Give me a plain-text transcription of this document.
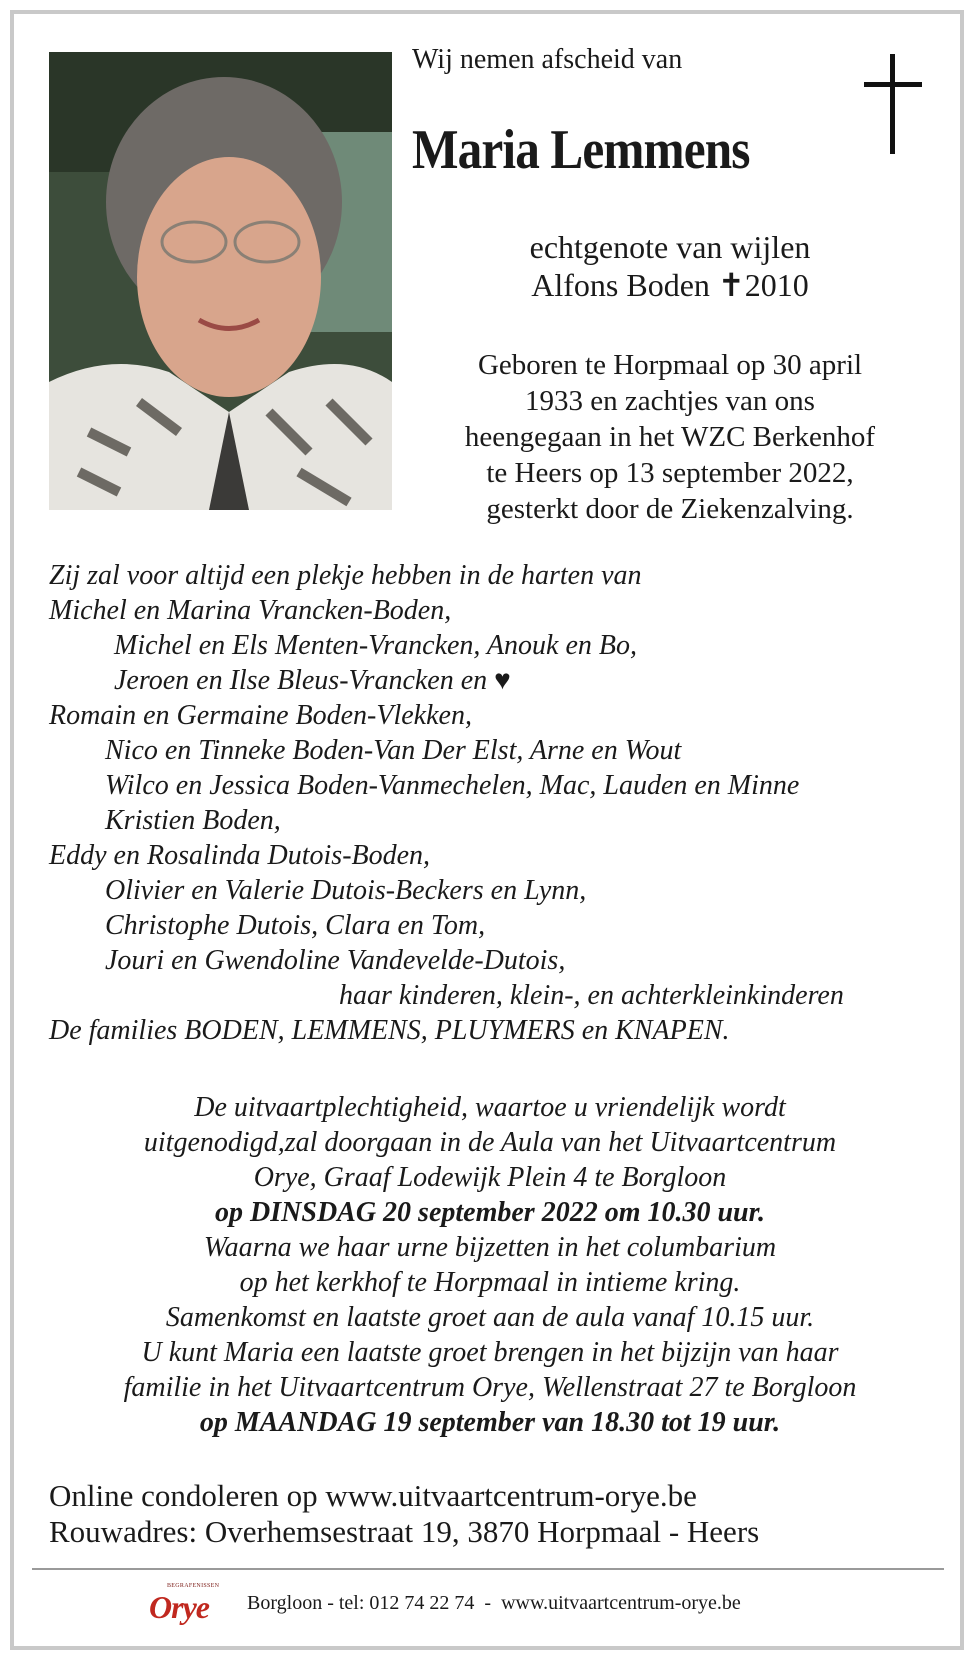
Wij nemen afscheid van
Maria Lemmens
echtgenote van wijlen
Alfons Boden ✝2010
Geboren te Horpmaal op 30 april
1933 en zachtjes van ons
heengegaan in het WZC Berkenhof
te Heers op 13 september 2022,
gesterkt door de Ziekenzalving.
Zij zal voor altijd een plekje hebben in de harten van
Michel en Marina Vrancken-Boden,
Michel en Els Menten-Vrancken, Anouk en Bo,
Jeroen en Ilse Bleus-Vrancken en ♥
Romain en Germaine Boden-Vlekken,
Nico en Tinneke Boden-Van Der Elst, Arne en Wout
Wilco en Jessica Boden-Vanmechelen, Mac, Lauden en Minne
Kristien Boden,
Eddy en Rosalinda Dutois-Boden,
Olivier en Valerie Dutois-Beckers en Lynn,
Christophe Dutois, Clara en Tom,
Jouri en Gwendoline Vandevelde-Dutois,
haar kinderen, klein-, en achterkleinkinderen
De families BODEN, LEMMENS, PLUYMERS en KNAPEN.
De uitvaartplechtigheid, waartoe u vriendelijk wordt
uitgenodigd,zal doorgaan in de Aula van het Uitvaartcentrum
Orye, Graaf Lodewijk Plein 4 te Borgloon
op DINSDAG 20 september 2022 om 10.30 uur.
Waarna we haar urne bijzetten in het columbarium
op het kerkhof te Horpmaal in intieme kring.
Samenkomst en laatste groet aan de aula vanaf 10.15 uur.
U kunt Maria een laatste groet brengen in het bijzijn van haar
familie in het Uitvaartcentrum Orye, Wellenstraat 27 te Borgloon
op MAANDAG 19 september van 18.30 tot 19 uur.
Online condoleren op www.uitvaartcentrum-orye.be
Rouwadres: Overhemsestraat 19, 3870 Horpmaal - Heers
BEGRAFENISSEN
Orye Borgloon - tel: 012 74 22 74 - www.uitvaartcentrum-orye.be
